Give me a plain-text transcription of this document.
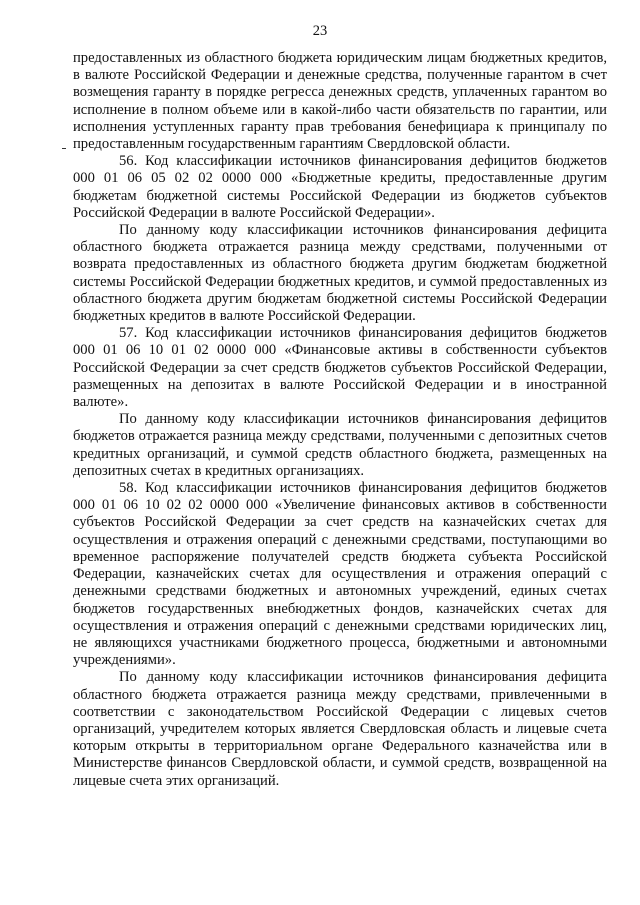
23

предоставленных из областного бюджета юридическим лицам бюджетных кредитов, в валюте Российской Федерации и денежные средства, полученные гарантом в счет возмещения гаранту в порядке регресса денежных средств, уплаченных гарантом во исполнение в полном объеме или в какой-либо части обязательств по гарантии, или исполнения уступленных гаранту прав требования бенефициара к принципалу по предоставленным государственным гарантиям Свердловской области.

56. Код классификации источников финансирования дефицитов бюджетов 000 01 06 05 02 02 0000 000 «Бюджетные кредиты, предоставленные другим бюджетам бюджетной системы Российской Федерации из бюджетов субъектов Российской Федерации в валюте Российской Федерации».

По данному коду классификации источников финансирования дефицита областного бюджета отражается разница между средствами, полученными от возврата предоставленных из областного бюджета другим бюджетам бюджетной системы Российской Федерации бюджетных кредитов, и суммой предоставленных из областного бюджета другим бюджетам бюджетной системы Российской Федерации бюджетных кредитов в валюте Российской Федерации.

57. Код классификации источников финансирования дефицитов бюджетов 000 01 06 10 01 02 0000 000 «Финансовые активы в собственности субъектов Российской Федерации за счет средств бюджетов субъектов Российской Федерации, размещенных на депозитах в валюте Российской Федерации и в иностранной валюте».

По данному коду классификации источников финансирования дефицитов бюджетов отражается разница между средствами, полученными с депозитных счетов кредитных организаций, и суммой средств областного бюджета, размещенных на депозитных счетах в кредитных организациях.

58. Код классификации источников финансирования дефицитов бюджетов 000 01 06 10 02 02 0000 000 «Увеличение финансовых активов в собственности субъектов Российской Федерации за счет средств на казначейских счетах для осуществления и отражения операций с денежными средствами, поступающими во временное распоряжение получателей средств бюджета субъекта Российской Федерации, казначейских счетах для осуществления и отражения операций с денежными средствами бюджетных и автономных учреждений, единых счетах бюджетов государственных внебюджетных фондов, казначейских счетах для осуществления и отражения операций с денежными средствами юридических лиц, не являющихся участниками бюджетного процесса, бюджетными и автономными учреждениями».

По данному коду классификации источников финансирования дефицита областного бюджета отражается разница между средствами, привлеченными в соответствии с законодательством Российской Федерации с лицевых счетов организаций, учредителем которых является Свердловская область и лицевые счета которым открыты в территориальном органе Федерального казначейства или в Министерстве финансов Свердловской области, и суммой средств, возвращенной на лицевые счета этих организаций.
